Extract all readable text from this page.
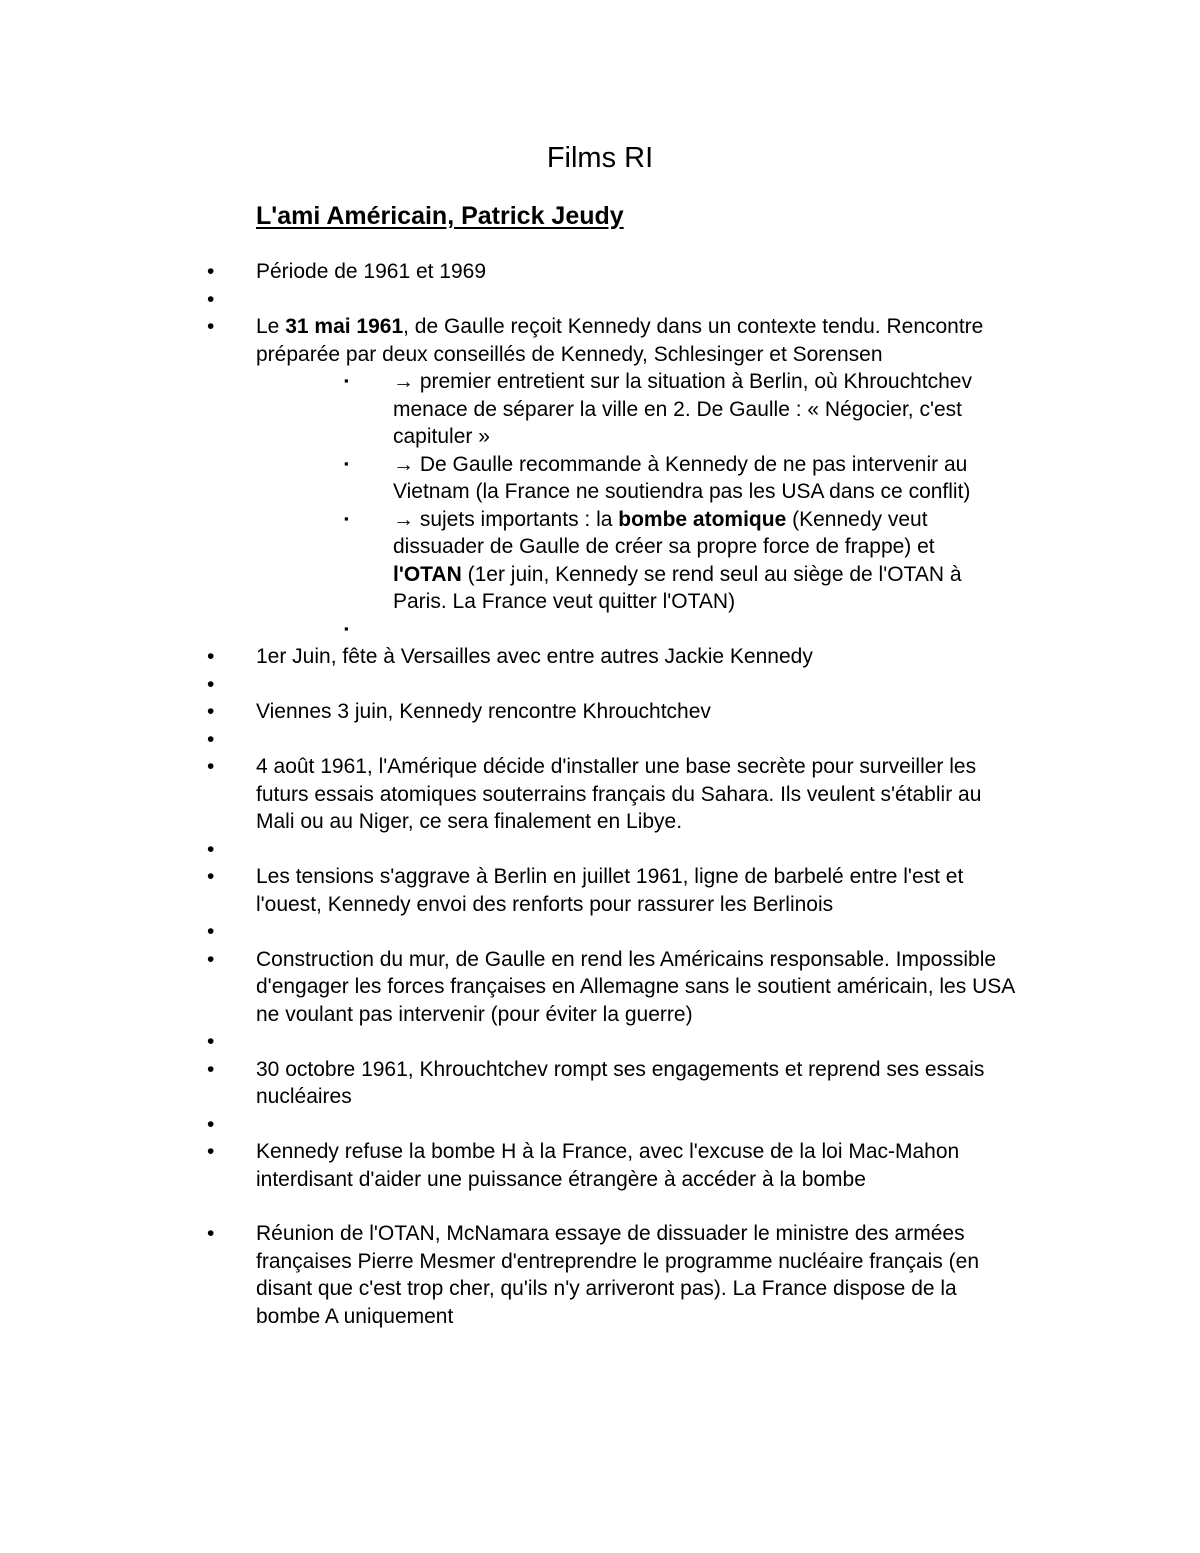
Films RI
L'ami Américain, Patrick Jeudy
• Période de 1961 et 1969
•
• Le 31 mai 1961, de Gaulle reçoit Kennedy dans un contexte tendu. Rencontre préparée par deux conseillés de Kennedy, Schlesinger et Sorensen
▪ → premier entretient sur la situation à Berlin, où Khrouchtchev menace de séparer la ville en 2. De Gaulle : « Négocier, c'est capituler »
▪ → De Gaulle recommande à Kennedy de ne pas intervenir au Vietnam (la France ne soutiendra pas les USA dans ce conflit)
▪ → sujets importants : la bombe atomique (Kennedy veut dissuader de Gaulle de créer sa propre force de frappe) et l'OTAN (1er juin, Kennedy se rend seul au siège de l'OTAN à Paris. La France veut quitter l'OTAN)
▪
• 1er Juin, fête à Versailles avec entre autres Jackie Kennedy
•
• Viennes 3 juin, Kennedy rencontre Khrouchtchev
•
• 4 août 1961, l'Amérique décide d'installer une base secrète pour surveiller les futurs essais atomiques souterrains français du Sahara. Ils veulent s'établir au Mali ou au Niger, ce sera finalement en Libye.
•
• Les tensions s'aggrave à Berlin en juillet 1961, ligne de barbelé entre l'est et l'ouest, Kennedy envoi des renforts pour rassurer les Berlinois
•
• Construction du mur, de Gaulle en rend les Américains responsable. Impossible d'engager les forces françaises en Allemagne sans le soutient américain, les USA ne voulant pas intervenir (pour éviter la guerre)
•
• 30 octobre 1961, Khrouchtchev rompt ses engagements et reprend ses essais nucléaires
•
• Kennedy refuse la bombe H à la France, avec l'excuse de la loi Mac-Mahon interdisant d'aider une puissance étrangère à accéder à la bombe
• Réunion de l'OTAN, McNamara essaye de dissuader le ministre des armées françaises Pierre Mesmer d'entreprendre le programme nucléaire français (en disant que c'est trop cher, qu'ils n'y arriveront pas). La France dispose de la bombe A uniquement
